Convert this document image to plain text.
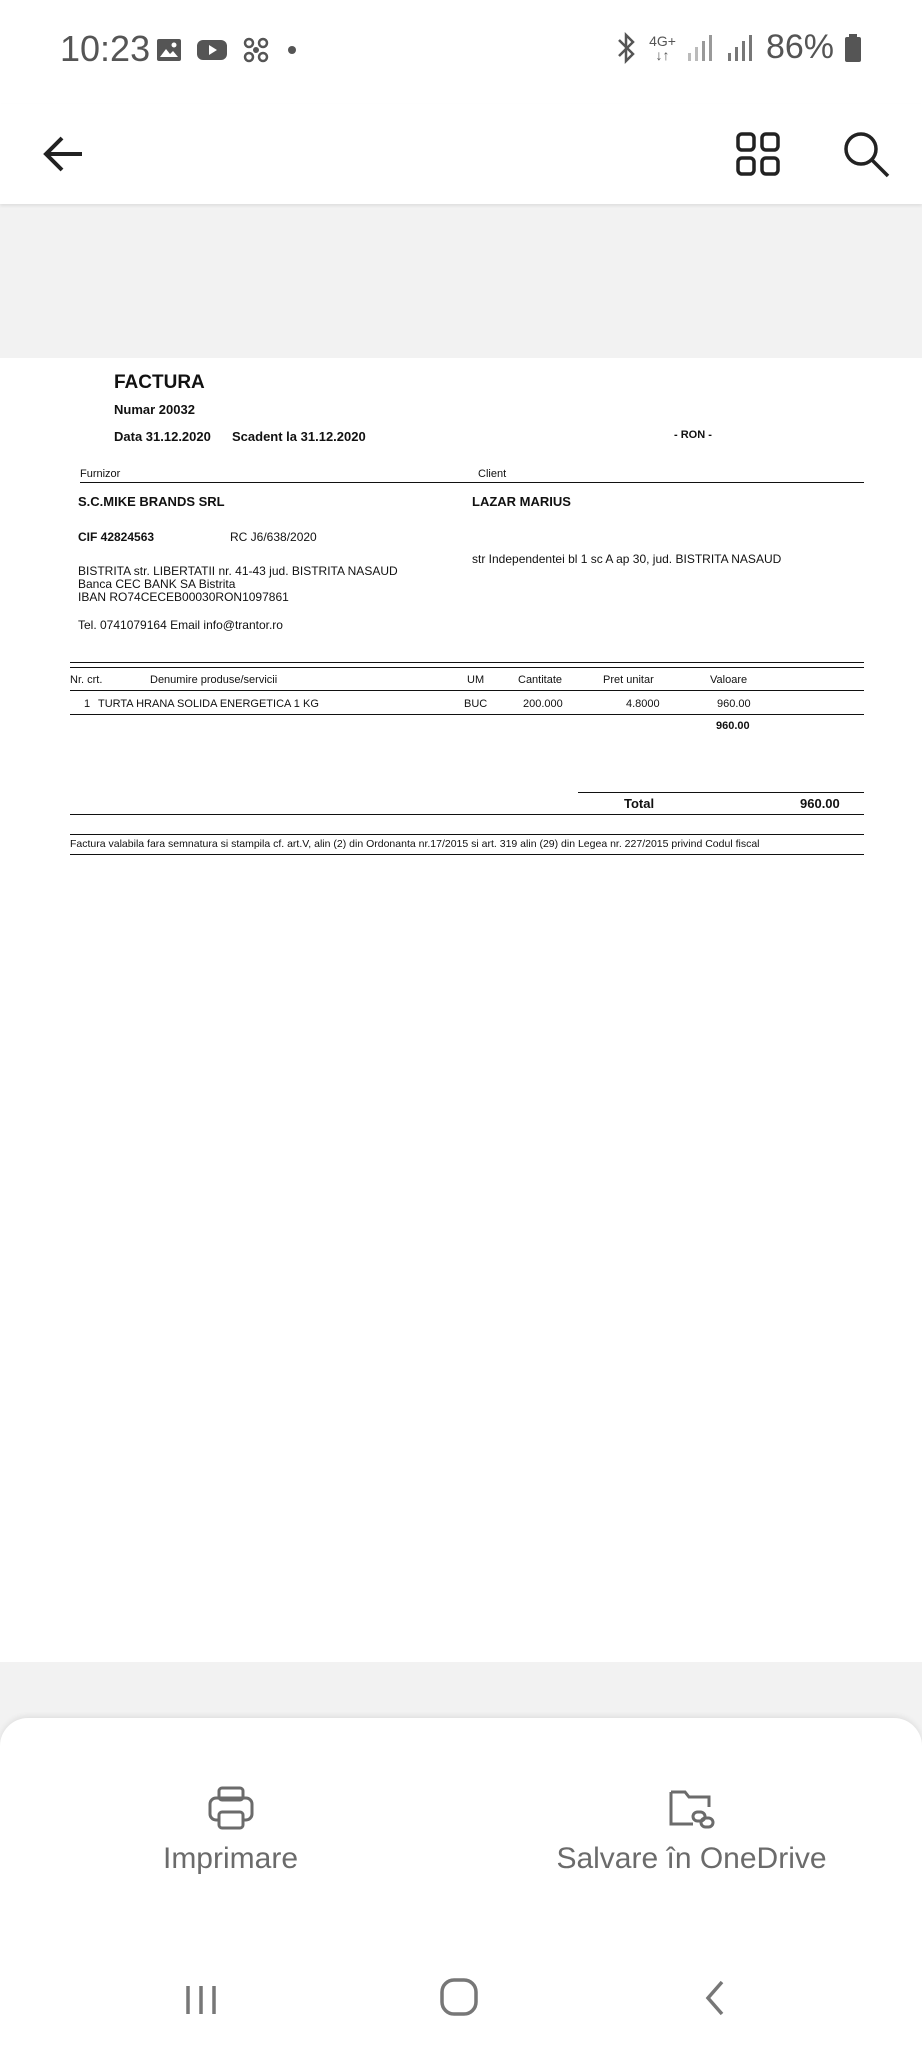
10:23	4G+
↓↑	86%
FACTURA
Numar 20032
Data 31.12.2020 Scadent la 31.12.2020	- RON -
Furnizor	Client
S.C.MIKE BRANDS SRL	LAZAR MARIUS
CIF 42824563	RC J6/638/2020
BISTRITA str. LIBERTATII nr. 41-43 jud. BISTRITA NASAUD
Banca CEC BANK SA Bistrita
IBAN RO74CECEB00030RON1097861
str Independentei bl 1 sc A ap 30, jud. BISTRITA NASAUD
Tel. 0741079164 Email info@trantor.ro
Nr. crt.	Denumire produse/servicii	UM	Cantitate	Pret unitar	Valoare
1 TURTA HRANA SOLIDA ENERGETICA 1 KG	BUC	200.000	4.8000	960.00
960.00
Total	960.00
Factura valabila fara semnatura si stampila cf. art.V, alin (2) din Ordonanta nr.17/2015 si art. 319 alin (29) din Legea nr. 227/2015 privind Codul fiscal
Imprimare	Salvare în OneDrive
